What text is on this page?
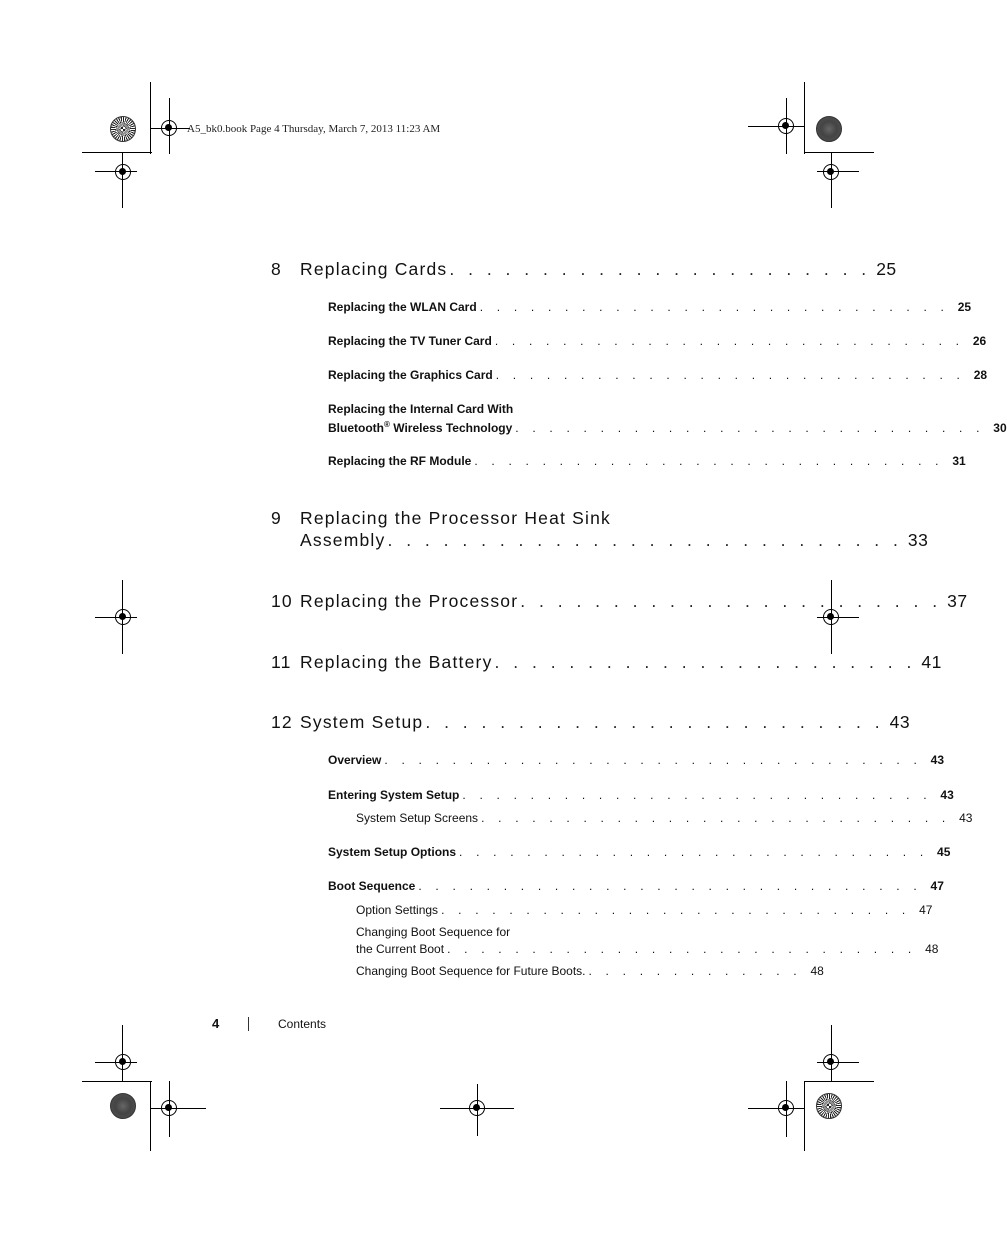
A5_bk0.book Page 4 Thursday, March 7, 2013 11:23 AM
8	Replacing Cards . . . . . . . . . . . . . . . . . . . . . . . 25
Replacing the WLAN Card . . . . . . . . . . . . . . . . . . . . . . . . . . . . 25
Replacing the TV Tuner Card . . . . . . . . . . . . . . . . . . . . . . . . . . . . 26
Replacing the Graphics Card . . . . . . . . . . . . . . . . . . . . . . . . . . . . 28
Replacing the Internal Card With
Bluetooth® Wireless Technology . . . . . . . . . . . . . . . . . . . . . . . . . . . . 30
Replacing the RF Module . . . . . . . . . . . . . . . . . . . . . . . . . . . . 31
9 Replacing the Processor Heat Sink
Assembly . . . . . . . . . . . . . . . . . . . . . . . . . . . . 33
10 Replacing the Processor . . . . . . . . . . . . . . . . . . . . . . . 37
11 Replacing the Battery . . . . . . . . . . . . . . . . . . . . . . . 41
12 System Setup . . . . . . . . . . . . . . . . . . . . . . . . . 43
Overview . . . . . . . . . . . . . . . . . . . . . . . . . . . . . . . . 43
Entering System Setup . . . . . . . . . . . . . . . . . . . . . . . . . . . . 43
System Setup Screens . . . . . . . . . . . . . . . . . . . . . . . . . . . . 43
System Setup Options . . . . . . . . . . . . . . . . . . . . . . . . . . . . 45
Boot Sequence . . . . . . . . . . . . . . . . . . . . . . . . . . . . . . 47
Option Settings . . . . . . . . . . . . . . . . . . . . . . . . . . . . 47
Changing Boot Sequence for
the Current Boot . . . . . . . . . . . . . . . . . . . . . . . . . . . . 48
Changing Boot Sequence for Future Boots. . . . . . . . . . . . . . 48
4	Contents
